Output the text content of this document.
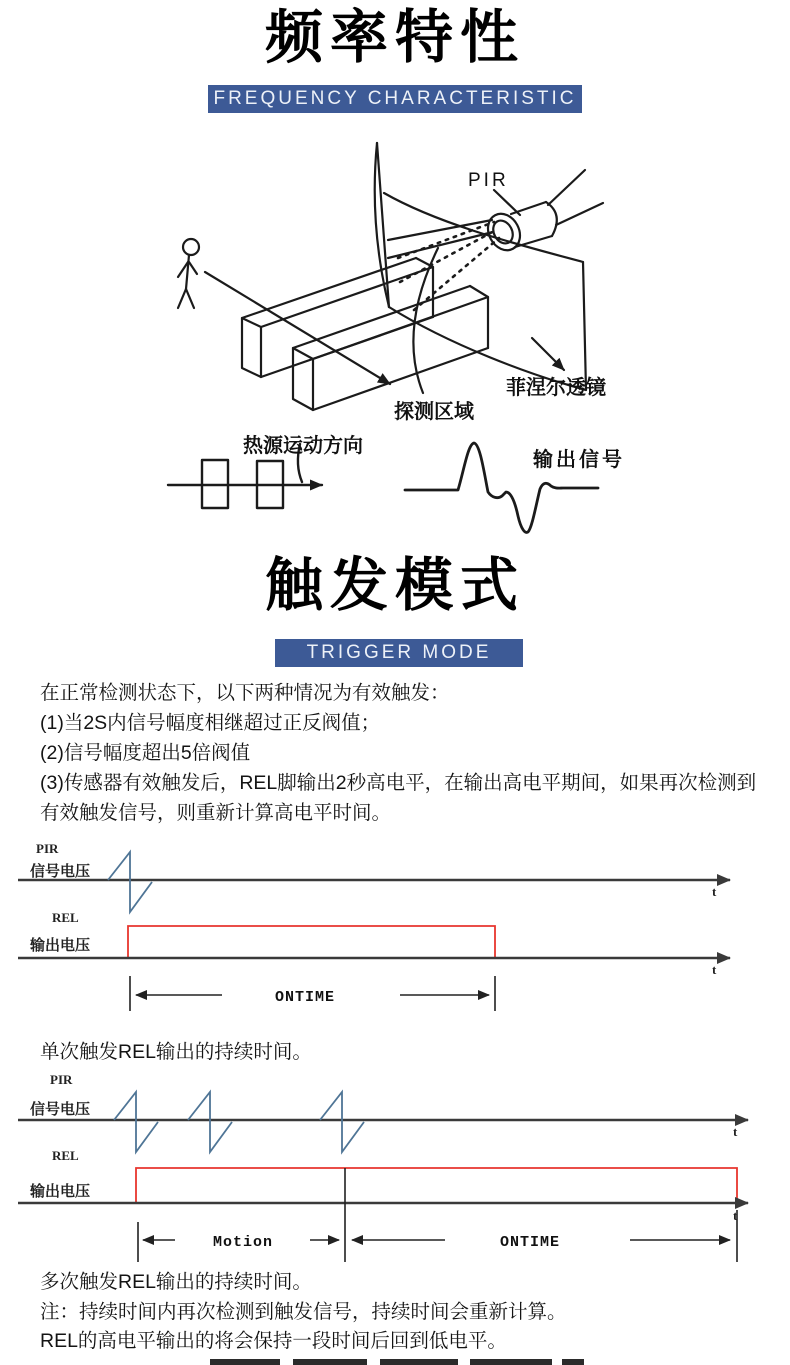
频率特性
FREQUENCY CHARACTERISTIC
PIR
菲涅尔透镜
探测区域
热源运动方向
输出信号
触发模式
TRIGGER MODE
在正常检测状态下，以下两种情况为有效触发：
(1)当2S内信号幅度相继超过正反阀值；
(2)信号幅度超出5倍阀值
(3)传感器有效触发后，REL脚输出2秒高电平，在输出高电平期间，如果再次检测到
有效触发信号，则重新计算高电平时间。
PIR
信号电压
t
REL
输出电压
t
ONTIME
单次触发REL输出的持续时间。
PIR
信号电压
t
REL
输出电压
t
Motion	ONTIME
多次触发REL输出的持续时间。
注：持续时间内再次检测到触发信号，持续时间会重新计算。
REL的高电平输出的将会保持一段时间后回到低电平。
